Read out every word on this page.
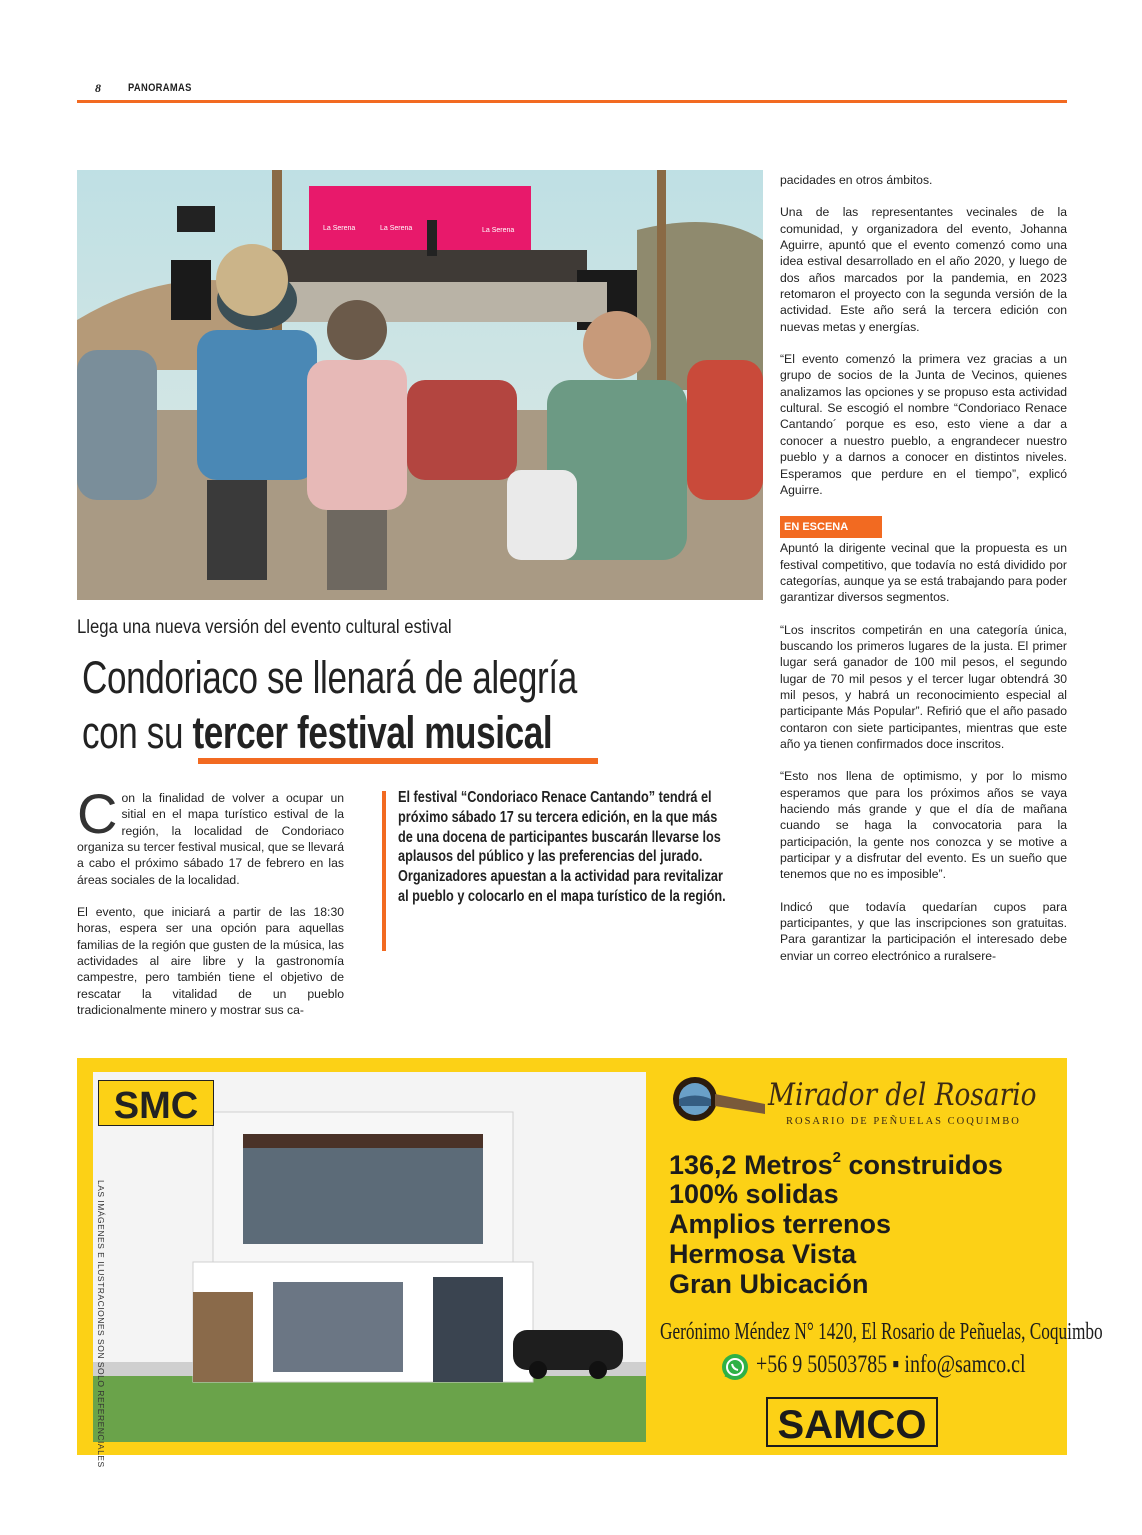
8 PANORAMAS
La Serena	La Serena	La Serena
Llega una nueva versión del evento cultural estival
Condoriaco se llenará de alegría
con su tercer festival musical

Con la finalidad de volver a ocupar un sitial en el mapa turístico estival de la región, la localidad de Condoriaco organiza su tercer festival musical, que se llevará a cabo el próximo sábado 17 de febrero en las áreas sociales de la localidad.

El evento, que iniciará a partir de las 18:30 horas, espera ser una opción para aquellas familias de la región que gusten de la música, las actividades al aire libre y la gastronomía campestre, pero también tiene el objetivo de rescatar la vitalidad de un pueblo tradicionalmente minero y mostrar sus ca-

El festival “Condoriaco Renace Cantando” tendrá el próximo sábado 17 su tercera edición, en la que más de una docena de participantes buscarán llevarse los aplausos del público y las preferencias del jurado. Organizadores apuestan a la actividad para revitalizar al pueblo y colocarlo en el mapa turístico de la región.

pacidades en otros ámbitos.

Una de las representantes vecinales de la comunidad, y organizadora del evento, Johanna Aguirre, apuntó que el evento comenzó como una idea estival desarrollado en el año 2020, y luego de dos años marcados por la pandemia, en 2023 retomaron el proyecto con la segunda versión de la actividad. Este año será la tercera edición con nuevas metas y energías.

“El evento comenzó la primera vez gracias a un grupo de socios de la Junta de Vecinos, quienes analizamos las opciones y se propuso esta actividad cultural. Se escogió el nombre “Condoriaco Renace Cantando´ porque es eso, esto viene a dar a conocer a nuestro pueblo, a engrandecer nuestro pueblo y a darnos a conocer en distintos niveles. Esperamos que perdure en el tiempo”, explicó Aguirre.

Apuntó la dirigente vecinal que la propuesta es un festival competitivo, que todavía no está dividido por categorías, aunque ya se está trabajando para poder garantizar diversos segmentos.

“Los inscritos competirán en una categoría única, buscando los primeros lugares de la justa. El primer lugar será ganador de 100 mil pesos, el segundo lugar de 70 mil pesos y el tercer lugar obtendrá 30 mil pesos, y habrá un reconocimiento especial al participante Más Popular”. Refirió que el año pasado contaron con siete participantes, mientras que este año ya tienen confirmados doce inscritos.

“Esto nos llena de optimismo, y por lo mismo esperamos que para los próximos años se vaya haciendo más grande y que el día de mañana cuando se haga la convocatoria para la participación, la gente nos conozca y se motive a participar y a disfrutar del evento. Es un sueño que tenemos que no es imposible”.

Indicó que todavía quedarían cupos para participantes, y que las inscripciones son gratuitas. Para garantizar la participación el interesado debe enviar un correo electrónico a ruralsere-

EN ESCENA
SMC
LAS IMÁGENES E ILUSTRACIONES SON SOLO REFERENCIALES
Mirador del Rosario
ROSARIO DE PEÑUELAS COQUIMBO
136,2 Metros$^2$ construidos
100% solidas
Amplios terrenos
Hermosa Vista
Gran Ubicación
Gerónimo Méndez N° 1420, El Rosario de Peñuelas, Coquimbo
+56 9 50503785 ▪ info@samco.cl
SAMCO
